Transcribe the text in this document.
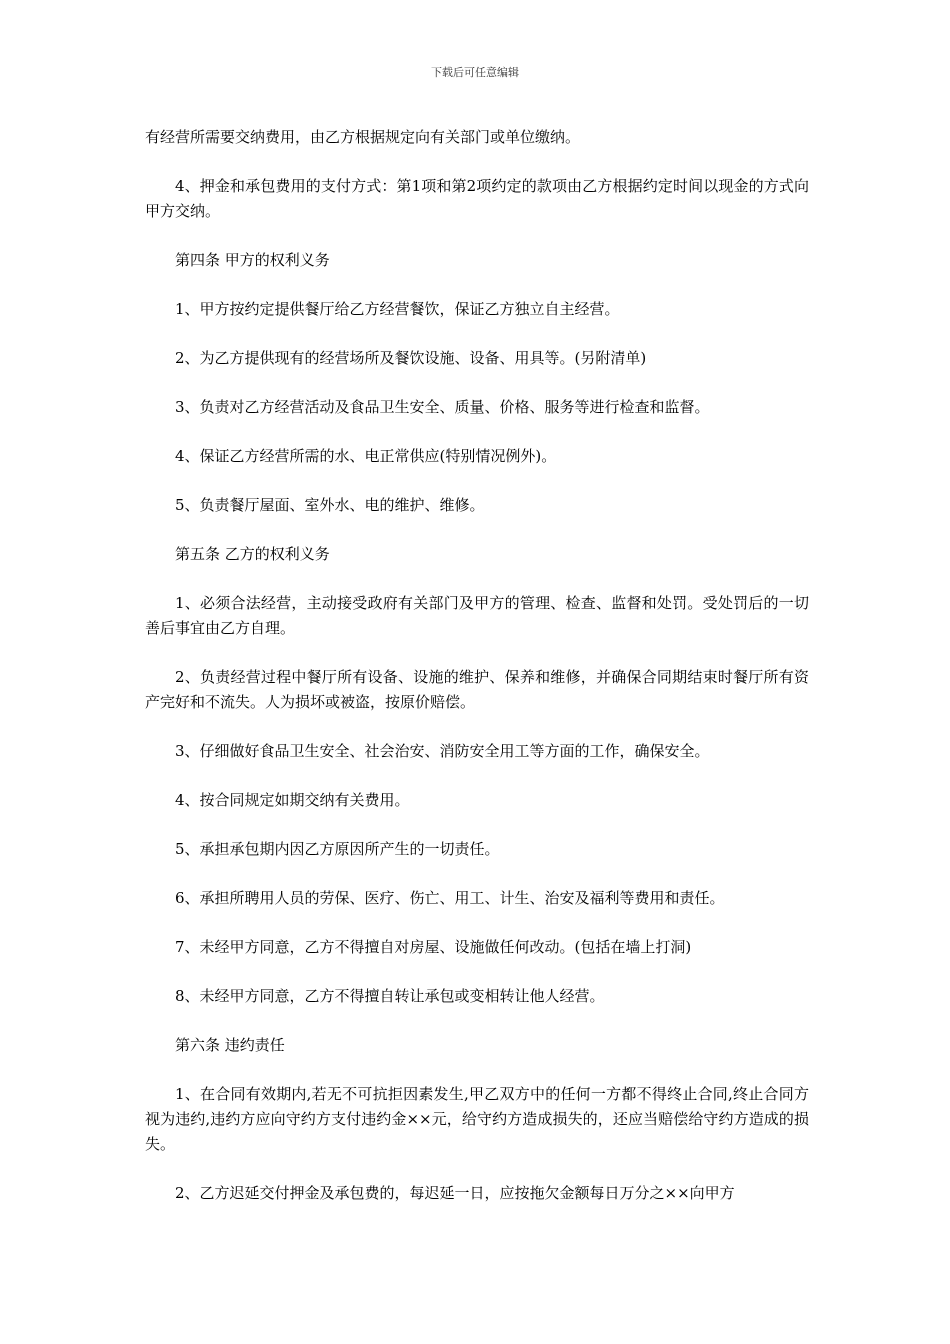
下载后可任意编辑

有经营所需要交纳费用，由乙方根据规定向有关部门或单位缴纳。

4、押金和承包费用的支付方式：第1项和第2项约定的款项由乙方根据约定时间以现金的方式向甲方交纳。

第四条 甲方的权利义务

1、甲方按约定提供餐厅给乙方经营餐饮，保证乙方独立自主经营。

2、为乙方提供现有的经营场所及餐饮设施、设备、用具等。(另附清单)

3、负责对乙方经营活动及食品卫生安全、质量、价格、服务等进行检查和监督。

4、保证乙方经营所需的水、电正常供应(特别情况例外)。

5、负责餐厅屋面、室外水、电的维护、维修。

第五条 乙方的权利义务

1、必须合法经营，主动接受政府有关部门及甲方的管理、检查、监督和处罚。受处罚后的一切善后事宜由乙方自理。

2、负责经营过程中餐厅所有设备、设施的维护、保养和维修，并确保合同期结束时餐厅所有资产完好和不流失。人为损坏或被盗，按原价赔偿。

3、仔细做好食品卫生安全、社会治安、消防安全用工等方面的工作，确保安全。

4、按合同规定如期交纳有关费用。

5、承担承包期内因乙方原因所产生的一切责任。

6、承担所聘用人员的劳保、医疗、伤亡、用工、计生、治安及福利等费用和责任。

7、未经甲方同意，乙方不得擅自对房屋、设施做任何改动。(包括在墙上打洞)

8、未经甲方同意，乙方不得擅自转让承包或变相转让他人经营。

第六条 违约责任

1、在合同有效期内,若无不可抗拒因素发生,甲乙双方中的任何一方都不得终止合同,终止合同方视为违约,违约方应向守约方支付违约金××元，给守约方造成损失的，还应当赔偿给守约方造成的损失。

2、乙方迟延交付押金及承包费的，每迟延一日，应按拖欠金额每日万分之××向甲方
